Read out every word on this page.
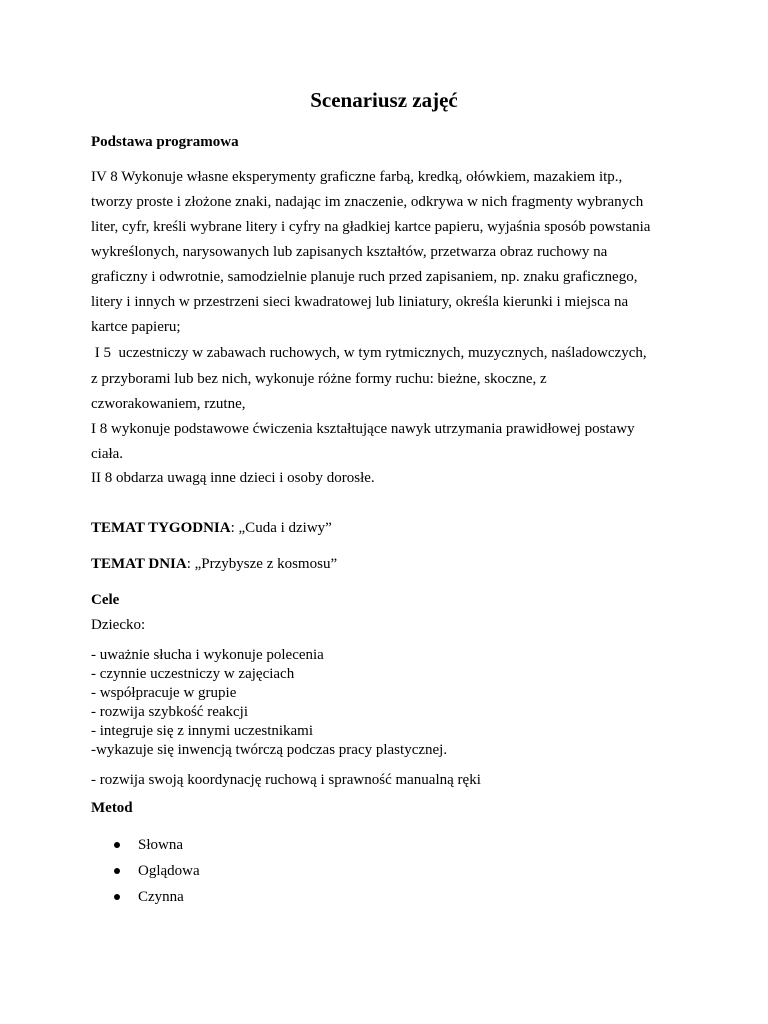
Scenariusz zajęć
Podstawa programowa
IV 8 Wykonuje własne eksperymenty graficzne farbą, kredką, ołówkiem, mazakiem itp.,
tworzy proste i złożone znaki, nadając im znaczenie, odkrywa w nich fragmenty wybranych
liter, cyfr, kreśli wybrane litery i cyfry na gładkiej kartce papieru, wyjaśnia sposób powstania
wykreślonych, narysowanych lub zapisanych kształtów, przetwarza obraz ruchowy na
graficzny i odwrotnie, samodzielnie planuje ruch przed zapisaniem, np. znaku graficznego,
litery i innych w przestrzeni sieci kwadratowej lub liniatury, określa kierunki i miejsca na
kartce papieru;
I 5  uczestniczy w zabawach ruchowych, w tym rytmicznych, muzycznych, naśladowczych,
z przyborami lub bez nich, wykonuje różne formy ruchu: bieżne, skoczne, z
czworakowaniem, rzutne,
I 8 wykonuje podstawowe ćwiczenia kształtujące nawyk utrzymania prawidłowej postawy
ciała.
II 8 obdarza uwagą inne dzieci i osoby dorosłe.
TEMAT TYGODNIA: „Cuda i dziwy”
TEMAT DNIA: „Przybysze z kosmosu”
Cele
Dziecko:
- uważnie słucha i wykonuje polecenia
- czynnie uczestniczy w zajęciach
- współpracuje w grupie
- rozwija szybkość reakcji
- integruje się z innymi uczestnikami
-wykazuje się inwencją twórczą podczas pracy plastycznej.
- rozwija swoją koordynację ruchową i sprawność manualną ręki
Metod
Słowna
Oglądowa
Czynna
